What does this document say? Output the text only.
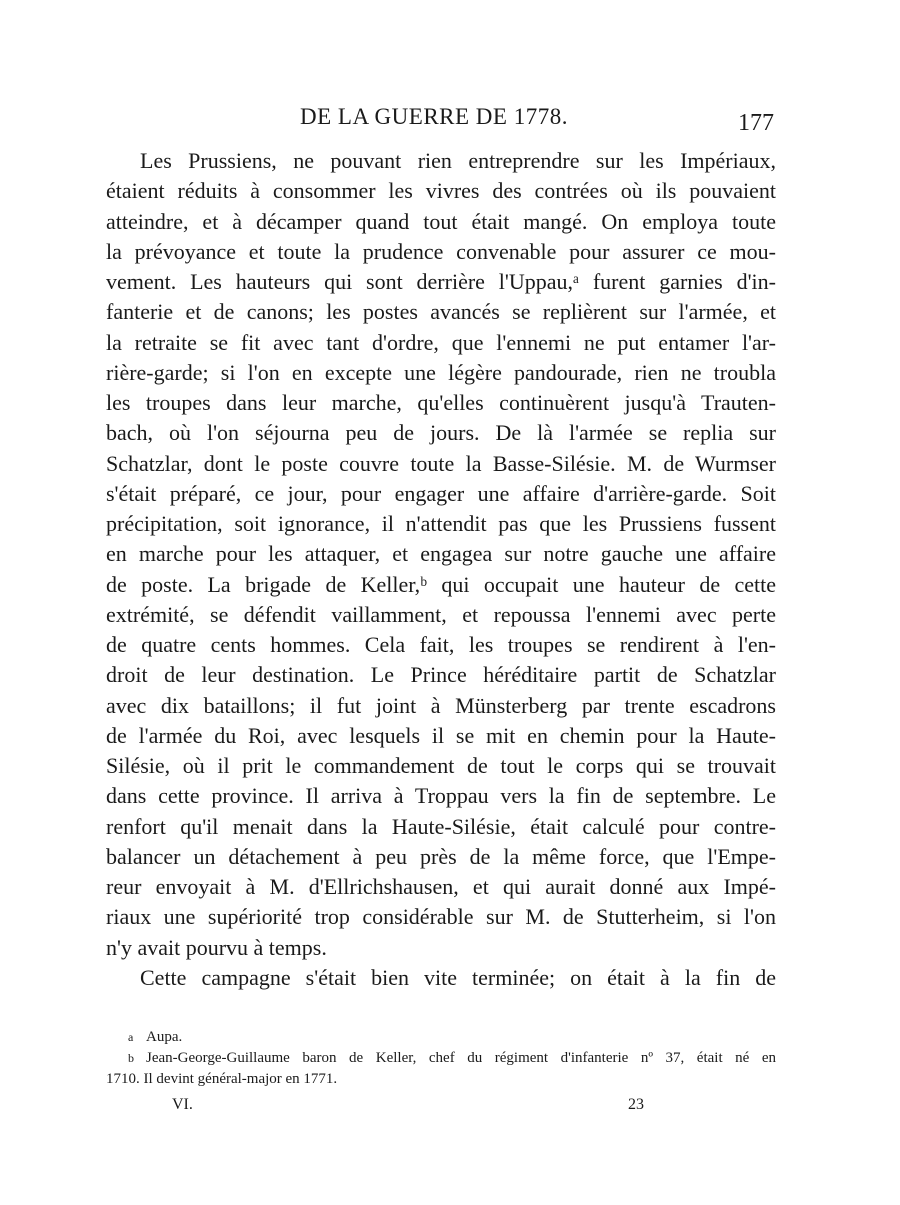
DE LA GUERRE DE 1778.	177
Les Prussiens, ne pouvant rien entreprendre sur les Impériaux,
étaient réduits à consommer les vivres des contrées où ils pouvaient
atteindre, et à décamper quand tout était mangé. On employa toute
la prévoyance et toute la prudence convenable pour assurer ce mou-
vement. Les hauteurs qui sont derrière l'Uppau,ᵃ furent garnies d'in-
fanterie et de canons; les postes avancés se replièrent sur l'armée, et
la retraite se fit avec tant d'ordre, que l'ennemi ne put entamer l'ar-
rière-garde; si l'on en excepte une légère pandourade, rien ne troubla
les troupes dans leur marche, qu'elles continuèrent jusqu'à Trauten-
bach, où l'on séjourna peu de jours. De là l'armée se replia sur
Schatzlar, dont le poste couvre toute la Basse-Silésie. M. de Wurmser
s'était préparé, ce jour, pour engager une affaire d'arrière-garde. Soit
précipitation, soit ignorance, il n'attendit pas que les Prussiens fussent
en marche pour les attaquer, et engagea sur notre gauche une affaire
de poste. La brigade de Keller,ᵇ qui occupait une hauteur de cette
extrémité, se défendit vaillamment, et repoussa l'ennemi avec perte
de quatre cents hommes. Cela fait, les troupes se rendirent à l'en-
droit de leur destination. Le Prince héréditaire partit de Schatzlar
avec dix bataillons; il fut joint à Münsterberg par trente escadrons
de l'armée du Roi, avec lesquels il se mit en chemin pour la Haute-
Silésie, où il prit le commandement de tout le corps qui se trouvait
dans cette province. Il arriva à Troppau vers la fin de septembre. Le
renfort qu'il menait dans la Haute-Silésie, était calculé pour contre-
balancer un détachement à peu près de la même force, que l'Empe-
reur envoyait à M. d'Ellrichshausen, et qui aurait donné aux Impé-
riaux une supériorité trop considérable sur M. de Stutterheim, si l'on
n'y avait pourvu à temps.
Cette campagne s'était bien vite terminée; on était à la fin de
a Aupa.
b Jean-George-Guillaume baron de Keller, chef du régiment d'infanterie nº 37, était né en
1710. Il devint général-major en 1771.
VI.	23
